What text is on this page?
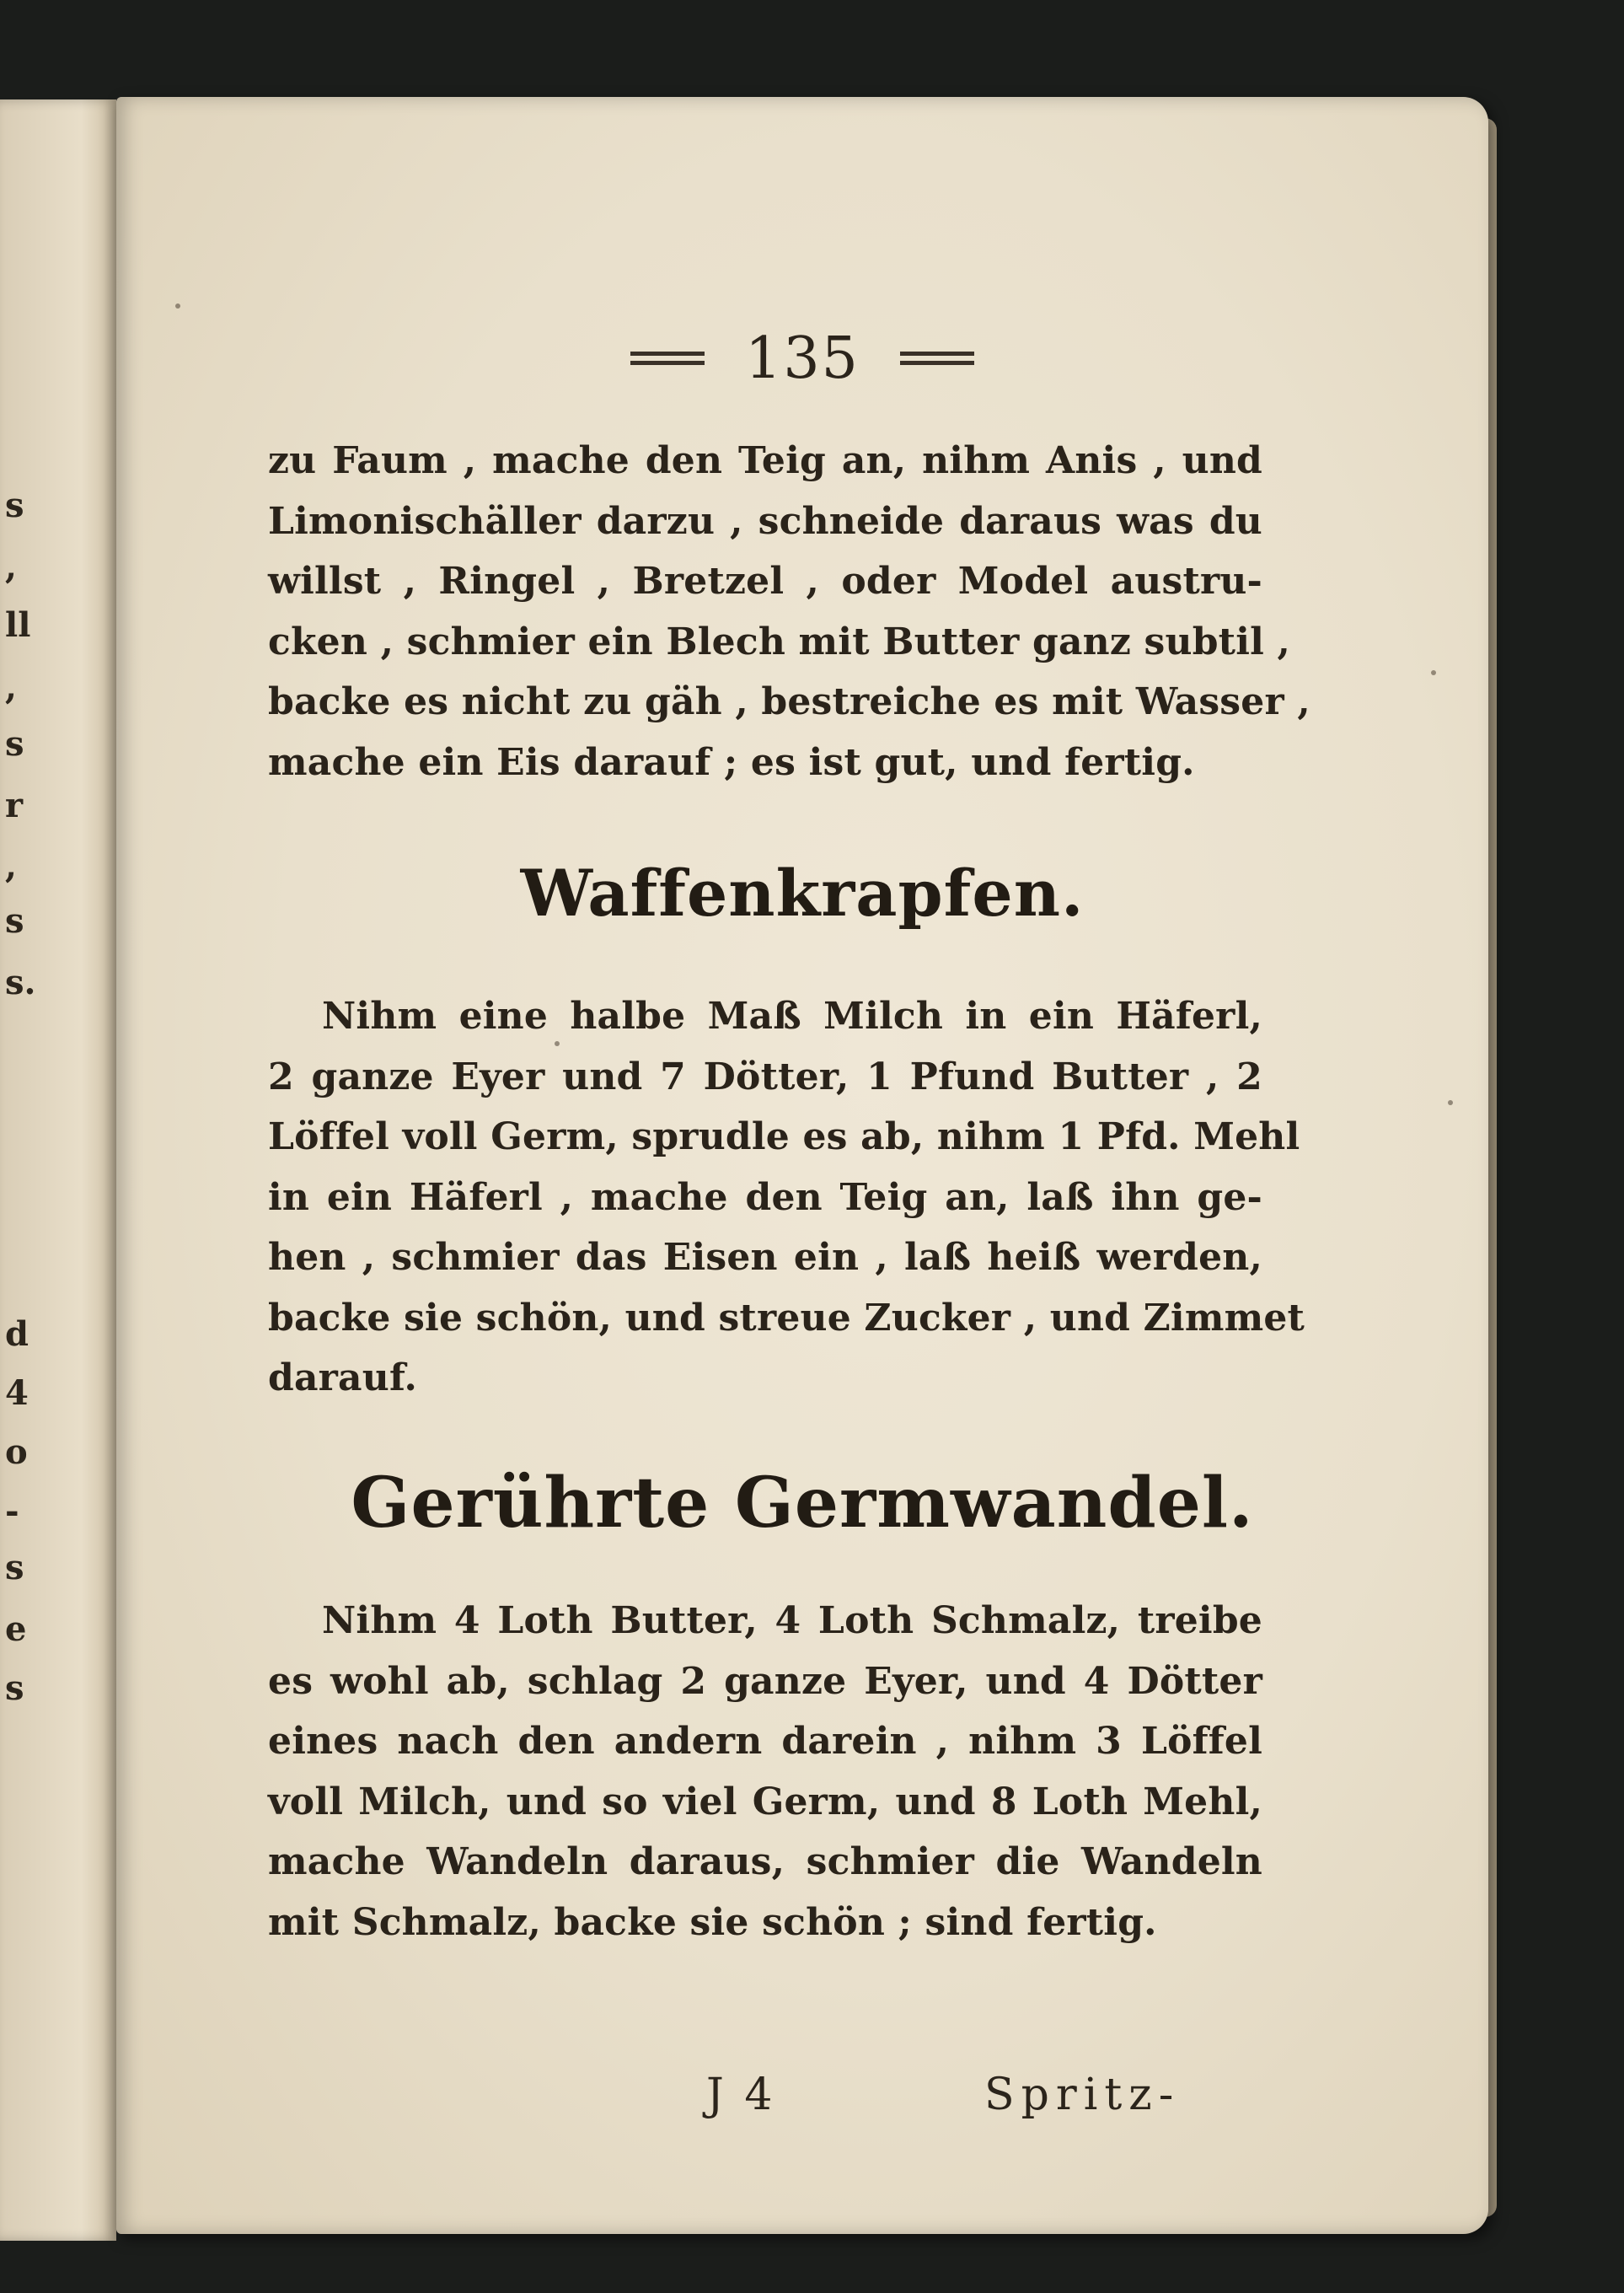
s
,
ll
,
s
r
,
s
s.
d
4
o
-
s
e
s
135
zu Faum , mache den Teig an, nihm Anis , und
Limonischäller darzu , schneide daraus was du
willst , Ringel , Bretzel , oder Model austru-
cken , schmier ein Blech mit Butter ganz subtil ,
backe es nicht zu gäh , bestreiche es mit Wasser ,
mache ein Eis darauf ; es ist gut, und fertig.
Waffenkrapfen.
Nihm eine halbe Maß Milch in ein Häferl,
2 ganze Eyer und 7 Dötter, 1 Pfund Butter , 2
Löffel voll Germ, sprudle es ab, nihm 1 Pfd. Mehl
in ein Häferl , mache den Teig an, laß ihn ge-
hen , schmier das Eisen ein , laß heiß werden,
backe sie schön, und streue Zucker , und Zimmet
darauf.
Gerührte Germwandel.
Nihm 4 Loth Butter, 4 Loth Schmalz, treibe
es wohl ab, schlag 2 ganze Eyer, und 4 Dötter
eines nach den andern darein , nihm 3 Löffel
voll Milch, und so viel Germ, und 8 Loth Mehl,
mache Wandeln daraus, schmier die Wandeln
mit Schmalz, backe sie schön ; sind fertig.
J 4	Spritz-
